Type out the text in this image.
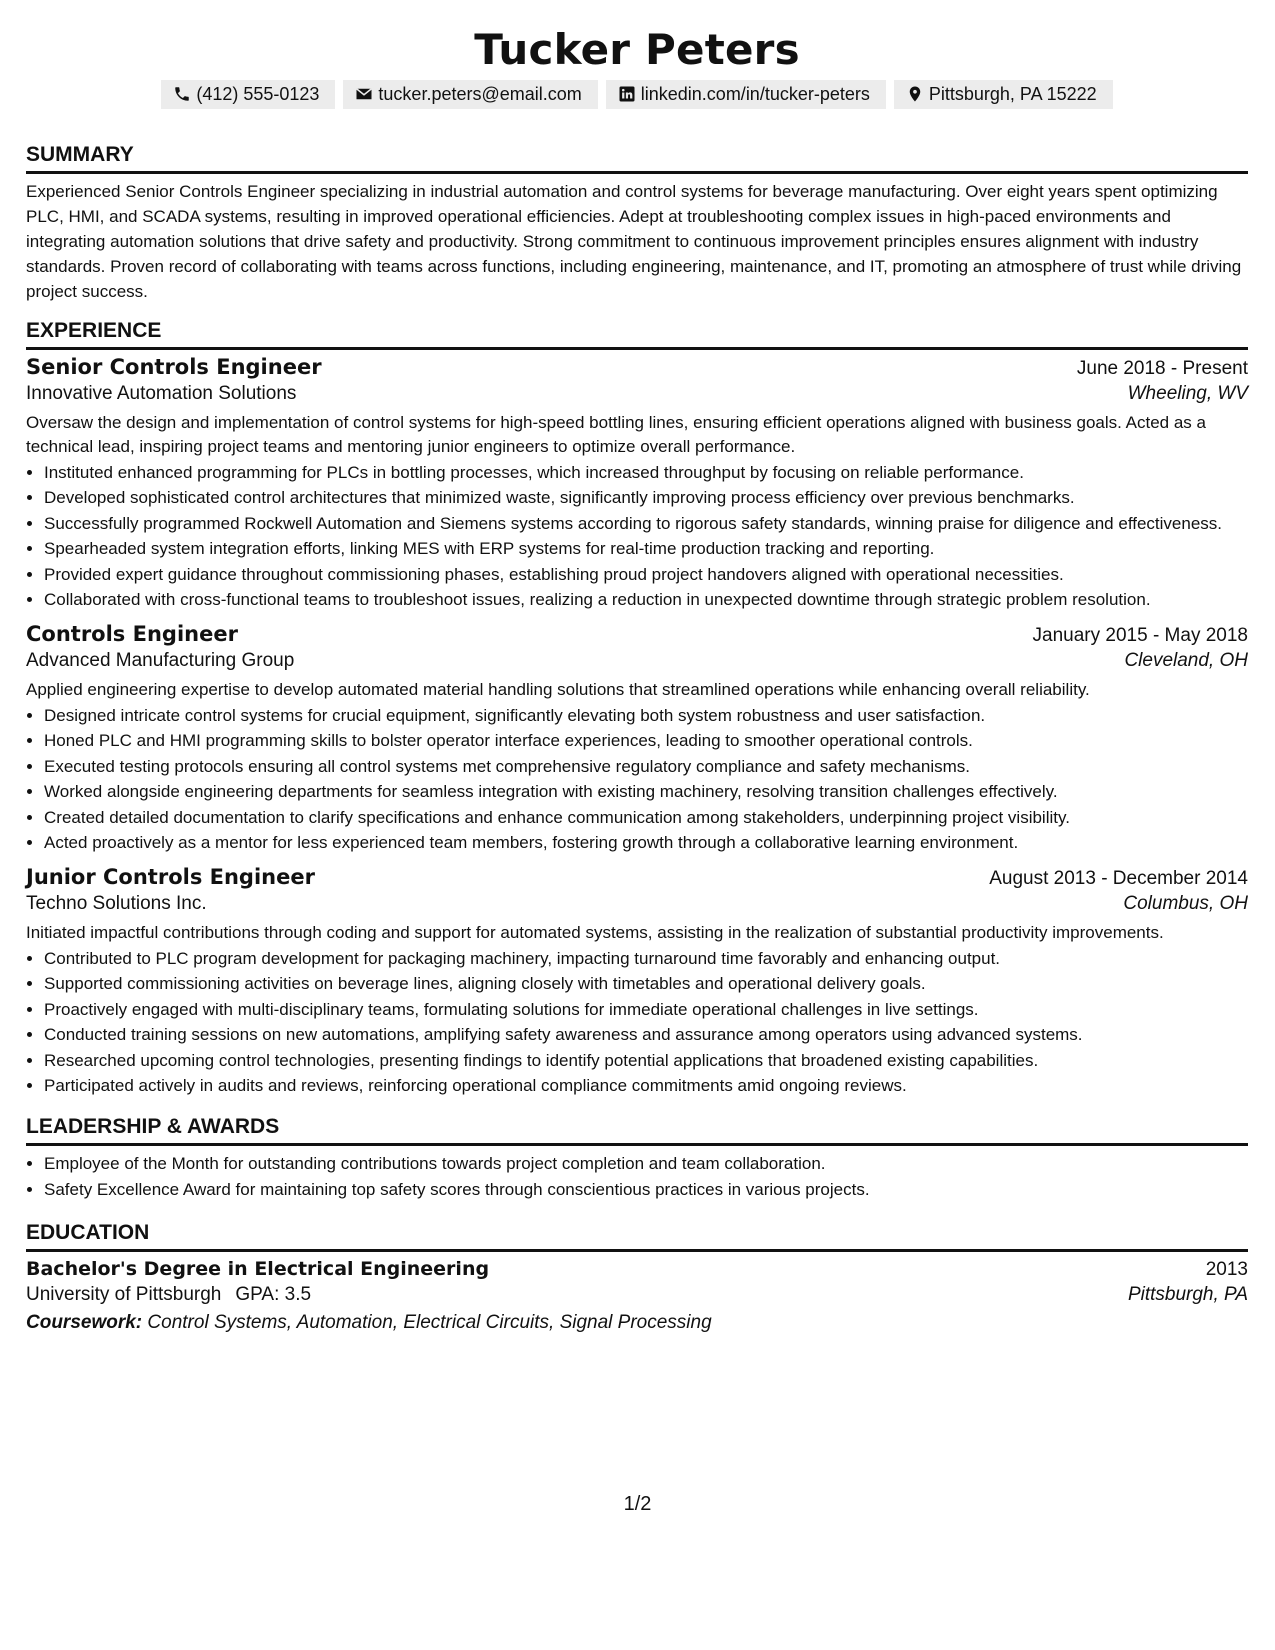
Tucker Peters
(412) 555-0123	tucker.peters@email.com	linkedin.com/in/tucker-peters	Pittsburgh, PA 15222
SUMMARY
Experienced Senior Controls Engineer specializing in industrial automation and control systems for beverage manufacturing. Over eight years spent optimizing PLC, HMI, and SCADA systems, resulting in improved operational efficiencies. Adept at troubleshooting complex issues in high-paced environments and integrating automation solutions that drive safety and productivity. Strong commitment to continuous improvement principles ensures alignment with industry standards. Proven record of collaborating with teams across functions, including engineering, maintenance, and IT, promoting an atmosphere of trust while driving project success.
EXPERIENCE
Senior Controls Engineer	June 2018 - Present
Innovative Automation Solutions	Wheeling, WV
Oversaw the design and implementation of control systems for high-speed bottling lines, ensuring efficient operations aligned with business goals. Acted as a technical lead, inspiring project teams and mentoring junior engineers to optimize overall performance.
• Instituted enhanced programming for PLCs in bottling processes, which increased throughput by focusing on reliable performance.
• Developed sophisticated control architectures that minimized waste, significantly improving process efficiency over previous benchmarks.
• Successfully programmed Rockwell Automation and Siemens systems according to rigorous safety standards, winning praise for diligence and effectiveness.
• Spearheaded system integration efforts, linking MES with ERP systems for real-time production tracking and reporting.
• Provided expert guidance throughout commissioning phases, establishing proud project handovers aligned with operational necessities.
• Collaborated with cross-functional teams to troubleshoot issues, realizing a reduction in unexpected downtime through strategic problem resolution.
Controls Engineer	January 2015 - May 2018
Advanced Manufacturing Group	Cleveland, OH
Applied engineering expertise to develop automated material handling solutions that streamlined operations while enhancing overall reliability.
• Designed intricate control systems for crucial equipment, significantly elevating both system robustness and user satisfaction.
• Honed PLC and HMI programming skills to bolster operator interface experiences, leading to smoother operational controls.
• Executed testing protocols ensuring all control systems met comprehensive regulatory compliance and safety mechanisms.
• Worked alongside engineering departments for seamless integration with existing machinery, resolving transition challenges effectively.
• Created detailed documentation to clarify specifications and enhance communication among stakeholders, underpinning project visibility.
• Acted proactively as a mentor for less experienced team members, fostering growth through a collaborative learning environment.
Junior Controls Engineer	August 2013 - December 2014
Techno Solutions Inc.	Columbus, OH
Initiated impactful contributions through coding and support for automated systems, assisting in the realization of substantial productivity improvements.
• Contributed to PLC program development for packaging machinery, impacting turnaround time favorably and enhancing output.
• Supported commissioning activities on beverage lines, aligning closely with timetables and operational delivery goals.
• Proactively engaged with multi-disciplinary teams, formulating solutions for immediate operational challenges in live settings.
• Conducted training sessions on new automations, amplifying safety awareness and assurance among operators using advanced systems.
• Researched upcoming control technologies, presenting findings to identify potential applications that broadened existing capabilities.
• Participated actively in audits and reviews, reinforcing operational compliance commitments amid ongoing reviews.
LEADERSHIP & AWARDS
• Employee of the Month for outstanding contributions towards project completion and team collaboration.
• Safety Excellence Award for maintaining top safety scores through conscientious practices in various projects.
EDUCATION
Bachelor's Degree in Electrical Engineering	2013
University of Pittsburgh GPA: 3.5	Pittsburgh, PA
Coursework: Control Systems, Automation, Electrical Circuits, Signal Processing
1/2
